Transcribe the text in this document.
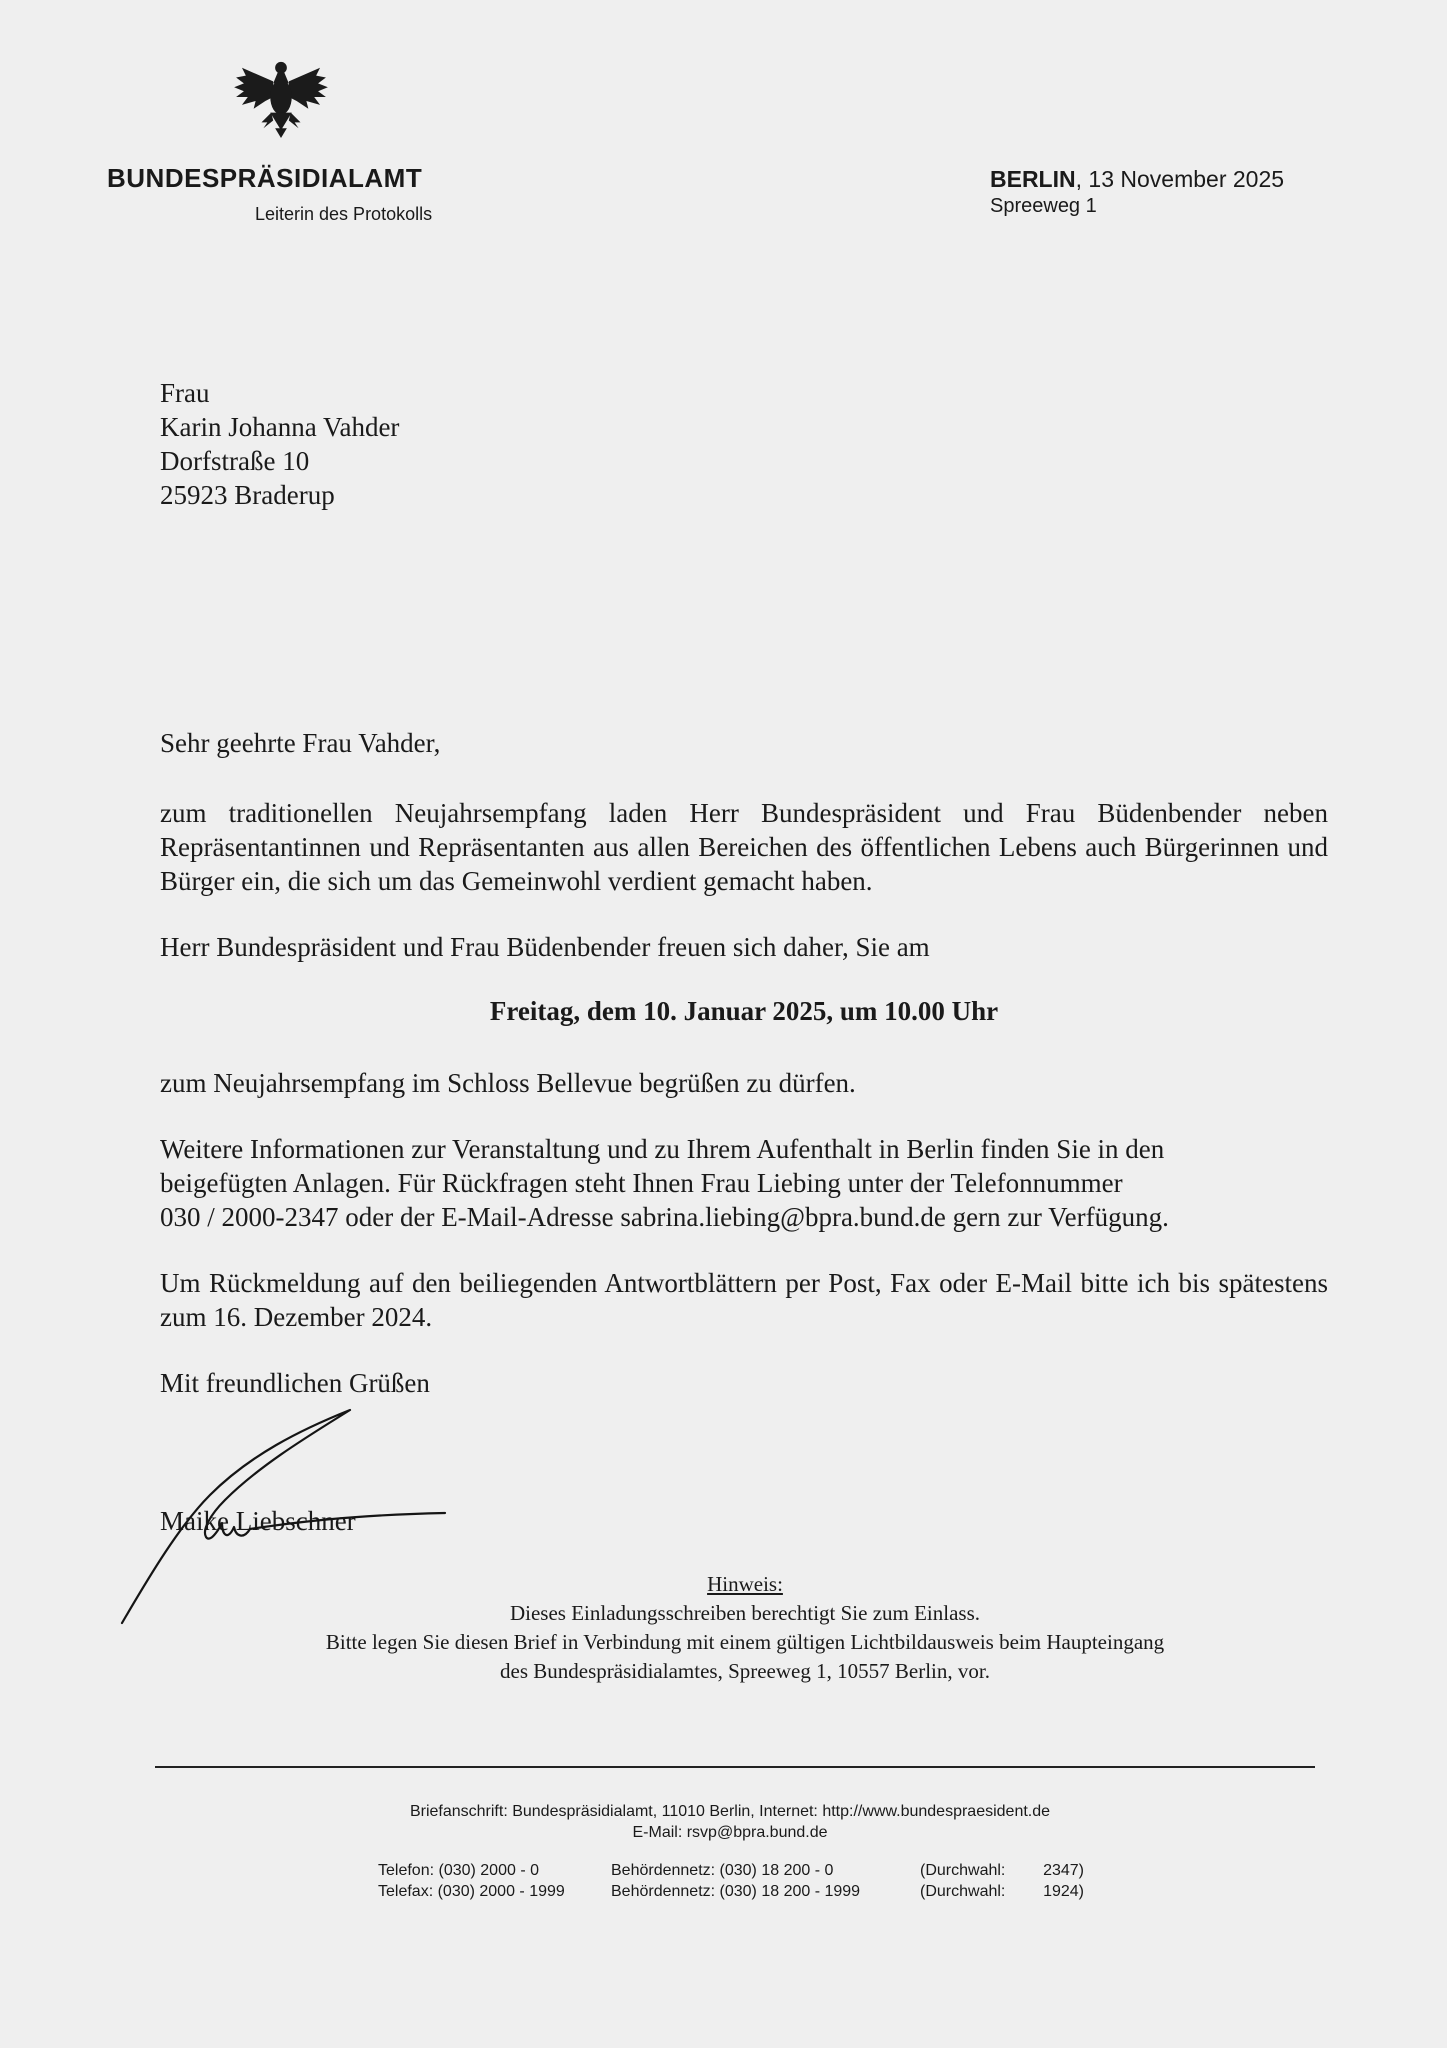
BUNDESPRÄSIDIALAMT
Leiterin des Protokolls
BERLIN, 13 November 2025
Spreeweg 1
Frau
Karin Johanna Vahder
Dorfstraße 10
25923 Braderup
Sehr geehrte Frau Vahder,
zum traditionellen Neujahrsempfang laden Herr Bundespräsident und Frau Büdenbender neben Repräsentantinnen und Repräsentanten aus allen Bereichen des öffentlichen Lebens auch Bürgerinnen und Bürger ein, die sich um das Gemeinwohl verdient gemacht haben.
Herr Bundespräsident und Frau Büdenbender freuen sich daher, Sie am
Freitag, dem 10. Januar 2025, um 10.00 Uhr
zum Neujahrsempfang im Schloss Bellevue begrüßen zu dürfen.
Weitere Informationen zur Veranstaltung und zu Ihrem Aufenthalt in Berlin finden Sie in den
beigefügten Anlagen. Für Rückfragen steht Ihnen Frau Liebing unter der Telefonnummer
030 / 2000-2347 oder der E-Mail-Adresse sabrina.liebing@bpra.bund.de gern zur Verfügung.
Um Rückmeldung auf den beiliegenden Antwortblättern per Post, Fax oder E-Mail bitte ich bis spätestens zum 16. Dezember 2024.
Mit freundlichen Grüßen
Maike Liebschner
Hinweis:
Dieses Einladungsschreiben berechtigt Sie zum Einlass.
Bitte legen Sie diesen Brief in Verbindung mit einem gültigen Lichtbildausweis beim Haupteingang
des Bundespräsidialamtes, Spreeweg 1, 10557 Berlin, vor.
Briefanschrift: Bundespräsidialamt, 11010 Berlin, Internet: http://www.bundespraesident.de
E-Mail: rsvp@bpra.bund.de
Telefon: (030) 2000 - 0
Telefax: (030) 2000 - 1999
Behördennetz: (030) 18 200 - 0
Behördennetz: (030) 18 200 - 1999
(Durchwahl:
(Durchwahl:
2347)
1924)
